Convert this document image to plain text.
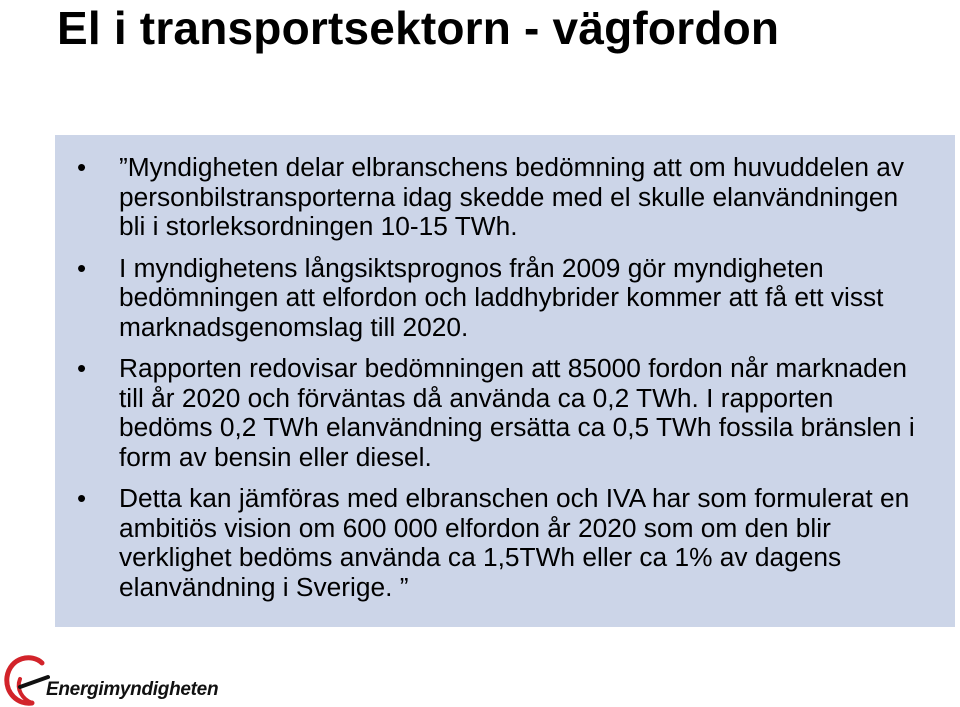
El i transportsektorn - vägfordon
• ”Myndigheten delar elbranschens bedömning att om huvuddelen av personbilstransporterna idag skedde med el skulle elanvändningen bli i storleksordningen 10-15 TWh.
• I myndighetens långsiktsprognos från 2009 gör myndigheten bedömningen att elfordon och laddhybrider kommer att få ett visst marknadsgenomslag till 2020.
• Rapporten redovisar bedömningen att 85000 fordon når marknaden till år 2020 och förväntas då använda ca 0,2 TWh. I rapporten bedöms 0,2 TWh elanvändning ersätta ca 0,5 TWh fossila bränslen i form av bensin eller diesel.
• Detta kan jämföras med elbranschen och IVA har som formulerat en ambitiös vision om 600 000 elfordon år 2020 som om den blir verklighet bedöms använda ca 1,5TWh eller ca 1% av dagens elanvändning i Sverige. ”
Energimyndigheten
